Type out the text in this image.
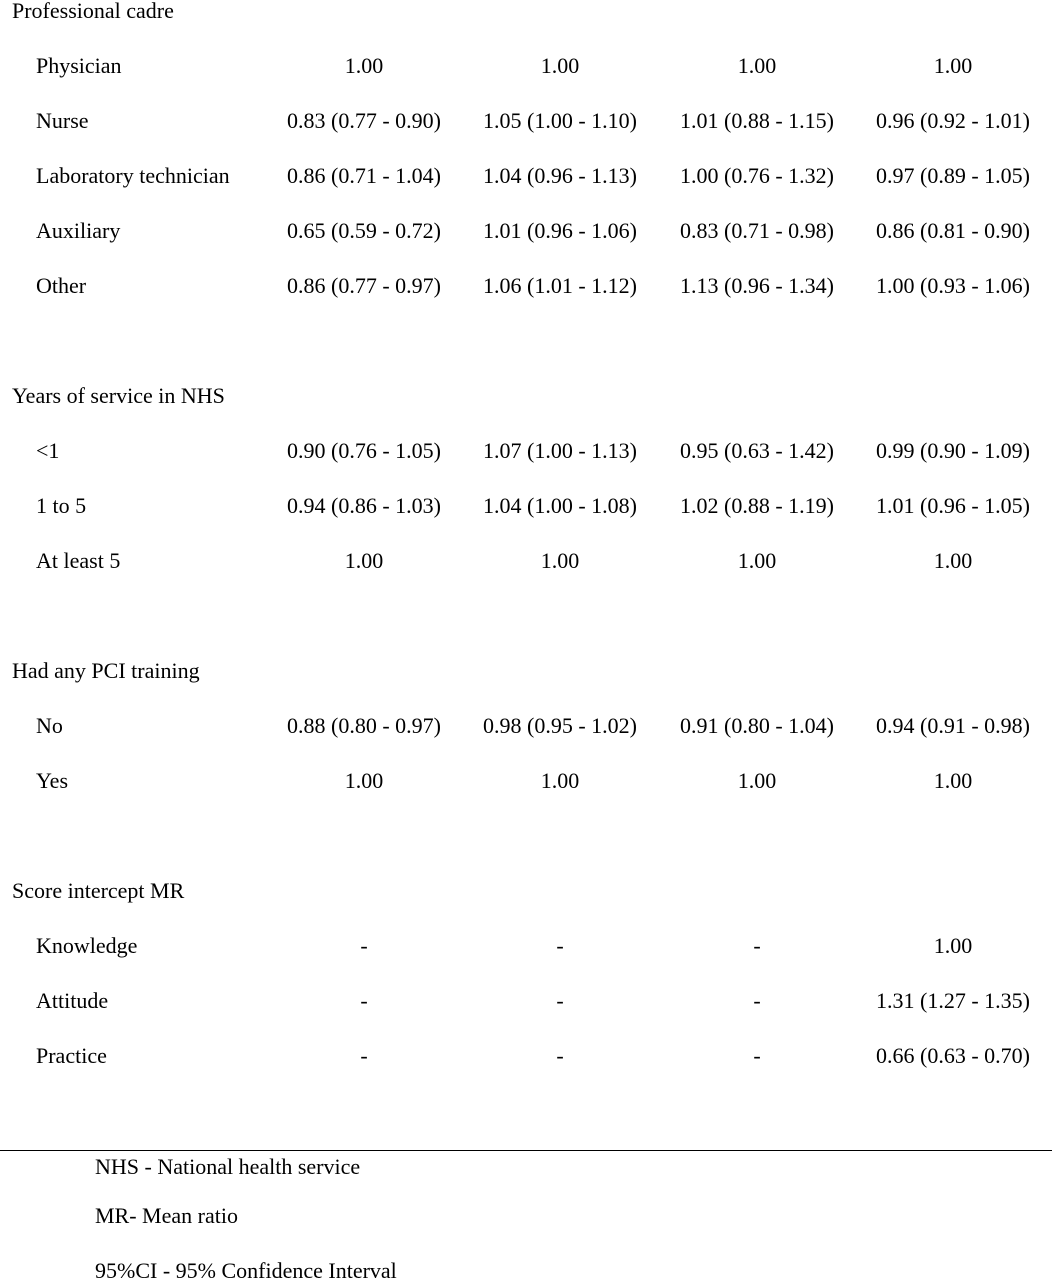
Professional cadre
Physician	1.00	1.00	1.00	1.00
Nurse	0.83 (0.77 - 0.90)	1.05 (1.00 - 1.10)	1.01 (0.88 - 1.15)	0.96 (0.92 - 1.01)
Laboratory technician	0.86 (0.71 - 1.04)	1.04 (0.96 - 1.13)	1.00 (0.76 - 1.32)	0.97 (0.89 - 1.05)
Auxiliary	0.65 (0.59 - 0.72)	1.01 (0.96 - 1.06)	0.83 (0.71 - 0.98)	0.86 (0.81 - 0.90)
Other	0.86 (0.77 - 0.97)	1.06 (1.01 - 1.12)	1.13 (0.96 - 1.34)	1.00 (0.93 - 1.06)
Years of service in NHS
<1	0.90 (0.76 - 1.05)	1.07 (1.00 - 1.13)	0.95 (0.63 - 1.42)	0.99 (0.90 - 1.09)
1 to 5	0.94 (0.86 - 1.03)	1.04 (1.00 - 1.08)	1.02 (0.88 - 1.19)	1.01 (0.96 - 1.05)
At least 5	1.00	1.00	1.00	1.00
Had any PCI training
No	0.88 (0.80 - 0.97)	0.98 (0.95 - 1.02)	0.91 (0.80 - 1.04)	0.94 (0.91 - 0.98)
Yes	1.00	1.00	1.00	1.00
Score intercept MR
Knowledge	-	-	-	1.00
Attitude	-	-	-	1.31 (1.27 - 1.35)
Practice	-	-	-	0.66 (0.63 - 0.70)
NHS - National health service
MR- Mean ratio
95%CI - 95% Confidence Interval
